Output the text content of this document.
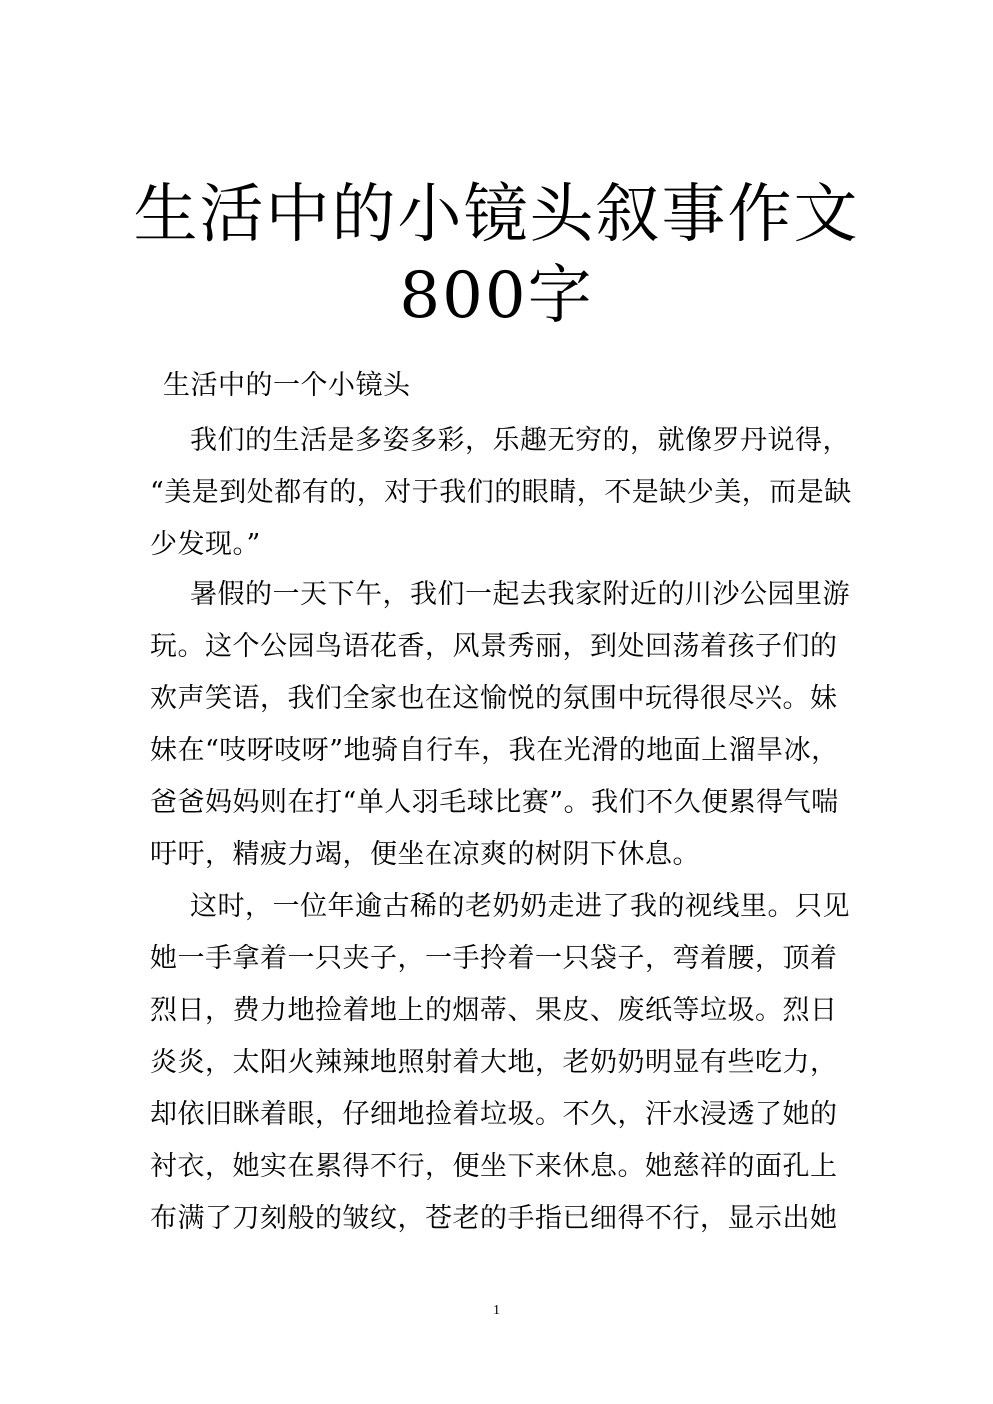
生活中的小镜头叙事作文
800字
生活中的一个小镜头
我们的生活是多姿多彩，乐趣无穷的，就像罗丹说得，
“美是到处都有的，对于我们的眼睛，不是缺少美，而是缺
少发现。”
暑假的一天下午，我们一起去我家附近的川沙公园里游
玩。这个公园鸟语花香，风景秀丽，到处回荡着孩子们的
欢声笑语，我们全家也在这愉悦的氛围中玩得很尽兴。妹
妹在“吱呀吱呀”地骑自行车，我在光滑的地面上溜旱冰，
爸爸妈妈则在打“单人羽毛球比赛”。我们不久便累得气喘
吁吁，精疲力竭，便坐在凉爽的树阴下休息。
这时，一位年逾古稀的老奶奶走进了我的视线里。只见
她一手拿着一只夹子，一手拎着一只袋子，弯着腰，顶着
烈日，费力地捡着地上的烟蒂、果皮、废纸等垃圾。烈日
炎炎，太阳火辣辣地照射着大地，老奶奶明显有些吃力，
却依旧眯着眼，仔细地捡着垃圾。不久，汗水浸透了她的
衬衣，她实在累得不行，便坐下来休息。她慈祥的面孔上
布满了刀刻般的皱纹，苍老的手指已细得不行，显示出她
1
